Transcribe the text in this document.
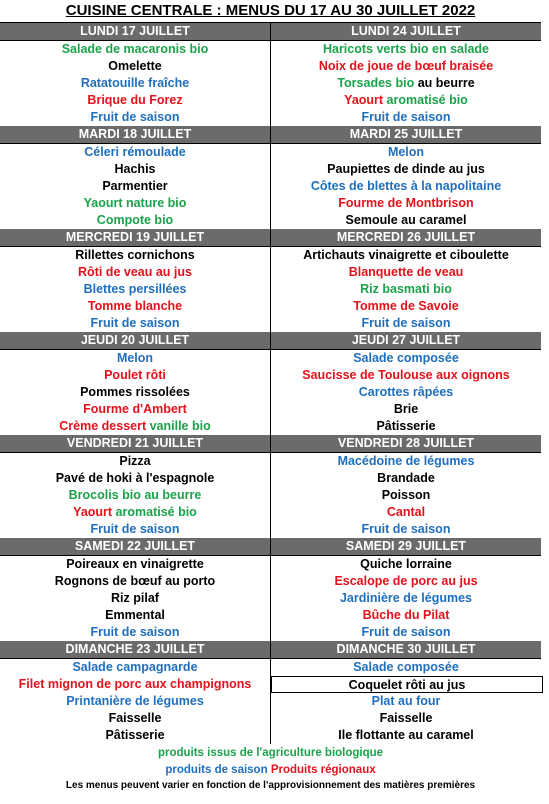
CUISINE CENTRALE : MENUS DU 17 AU 30 JUILLET 2022
LUNDI 17 JUILLET
Salade de macaronis bio
Omelette
Ratatouille fraîche
Brique du Forez
Fruit de saison
LUNDI 24 JUILLET
Haricots verts bio en salade
Noix de joue de bœuf braisée
Torsades bio au beurre
Yaourt aromatisé bio
Fruit de saison
MARDI 18 JUILLET
Céleri rémoulade
Hachis
Parmentier
Yaourt nature bio
Compote bio
MARDI 25 JUILLET
Melon
Paupiettes de dinde au jus
Côtes de blettes à la napolitaine
Fourme de Montbrison
Semoule au caramel
MERCREDI 19 JUILLET
Rillettes cornichons
Rôti de veau au jus
Blettes persillées
Tomme blanche
Fruit de saison
MERCREDI 26 JUILLET
Artichauts vinaigrette et ciboulette
Blanquette de veau
Riz basmati bio
Tomme de Savoie
Fruit de saison
JEUDI 20 JUILLET
Melon
Poulet rôti
Pommes rissolées
Fourme d'Ambert
Crème dessert vanille bio
JEUDI 27 JUILLET
Salade composée
Saucisse de Toulouse aux oignons
Carottes râpées
Brie
Pâtisserie
VENDREDI 21 JUILLET
Pizza
Pavé de hoki à l'espagnole
Brocolis bio au beurre
Yaourt aromatisé bio
Fruit de saison
VENDREDI 28 JUILLET
Macédoine de légumes
Brandade
Poisson
Cantal
Fruit de saison
SAMEDI 22 JUILLET
Poireaux en vinaigrette
Rognons de bœuf au porto
Riz pilaf
Emmental
Fruit de saison
SAMEDI 29 JUILLET
Quiche lorraine
Escalope de porc au jus
Jardinière de légumes
Bûche du Pilat
Fruit de saison
DIMANCHE 23 JUILLET
Salade campagnarde
Filet mignon de porc aux champignons
Printanière de légumes
Faisselle
Pâtisserie
DIMANCHE 30 JUILLET
Salade composée
Coquelet rôti au jus
Plat au four
Faisselle
Ile flottante au caramel
produits issus de l'agriculture biologique
produits de saison Produits régionaux
Les menus peuvent varier en fonction de l'approvisionnement des matières premières
